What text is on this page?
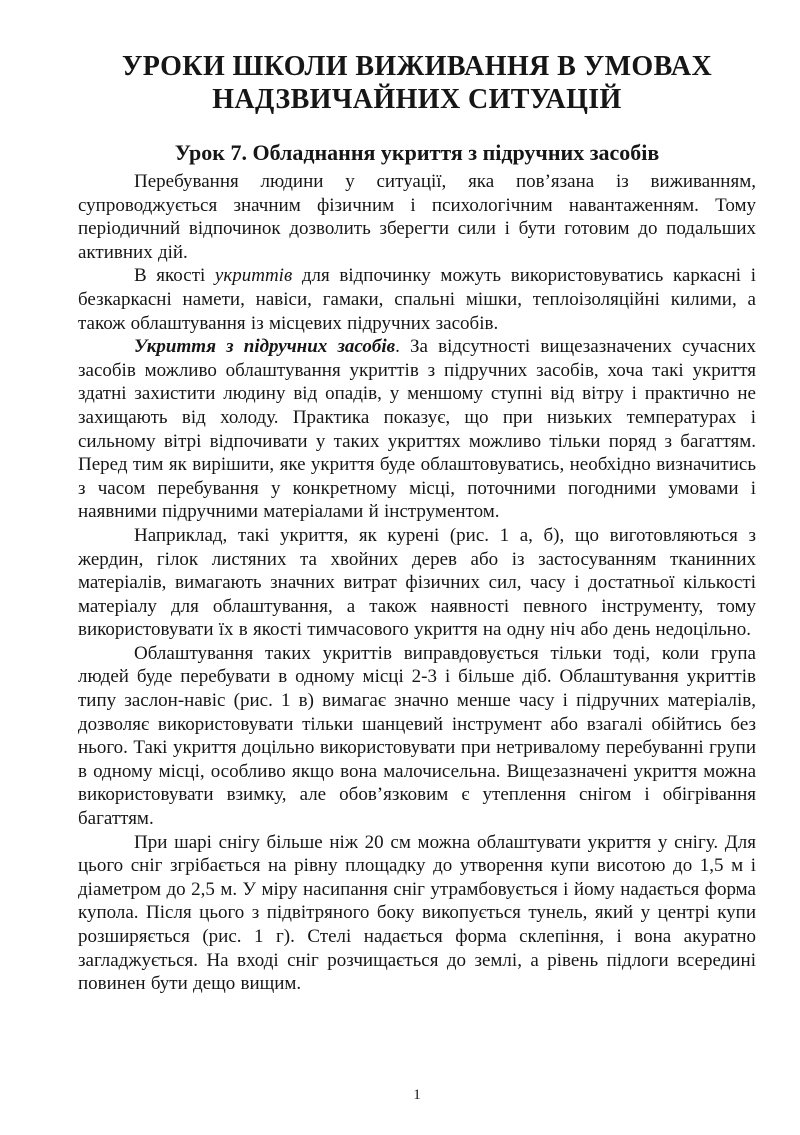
УРОКИ ШКОЛИ ВИЖИВАННЯ В УМОВАХ
НАДЗВИЧАЙНИХ СИТУАЦІЙ
Урок 7. Обладнання укриття з підручних засобів

Перебування людини у ситуації, яка пов’язана із виживанням, супроводжується значним фізичним і психологічним навантаженням. Тому періодичний відпочинок дозволить зберегти сили і бути готовим до подальших активних дій.

В якості укриттів для відпочинку можуть використовуватись каркасні і безкаркасні намети, навіси, гамаки, спальні мішки, теплоізоляційні килими, а також облаштування із місцевих підручних засобів.

Укриття з підручних засобів. За відсутності вищезазначених сучасних засобів можливо облаштування укриттів з підручних засобів, хоча такі укриття здатні захистити людину від опадів, у меншому ступні від вітру і практично не захищають від холоду. Практика показує, що при низьких температурах і сильному вітрі відпочивати у таких укриттях можливо тільки поряд з багаттям. Перед тим як вирішити, яке укриття буде облаштовуватись, необхідно визначитись з часом перебування у конкретному місці, поточними погодними умовами і наявними підручними матеріалами й інструментом.

Наприклад, такі укриття, як курені (рис. 1 а, б), що виготовляються з жердин, гілок листяних та хвойних дерев або із застосуванням тканинних матеріалів, вимагають значних витрат фізичних сил, часу і достатньої кількості матеріалу для облаштування, а також наявності певного інструменту, тому використовувати їх в якості тимчасового укриття на одну ніч або день недоцільно.

Облаштування таких укриттів виправдовується тільки тоді, коли група людей буде перебувати в одному місці 2-3 і більше діб. Облаштування укриттів типу заслон-навіс (рис. 1 в) вимагає значно менше часу і підручних матеріалів, дозволяє використовувати тільки шанцевий інструмент або взагалі обійтись без нього. Такі укриття доцільно використовувати при нетривалому перебуванні групи в одному місці, особливо якщо вона малочисельна. Вищезазначені укриття можна використовувати взимку, але обов’язковим є утеплення снігом і обігрівання багаттям.

При шарі снігу більше ніж 20 см можна облаштувати укриття у снігу. Для цього сніг згрібається на рівну площадку до утворення купи висотою до 1,5 м і діаметром до 2,5 м. У міру насипання сніг утрамбовується і йому надається форма купола. Після цього з підвітряного боку викопується тунель, який у центрі купи розширяється (рис. 1 г). Стелі надається форма склепіння, і вона акуратно загладжується. На вході сніг розчищається до землі, а рівень підлоги всередині повинен бути дещо вищим.

1
